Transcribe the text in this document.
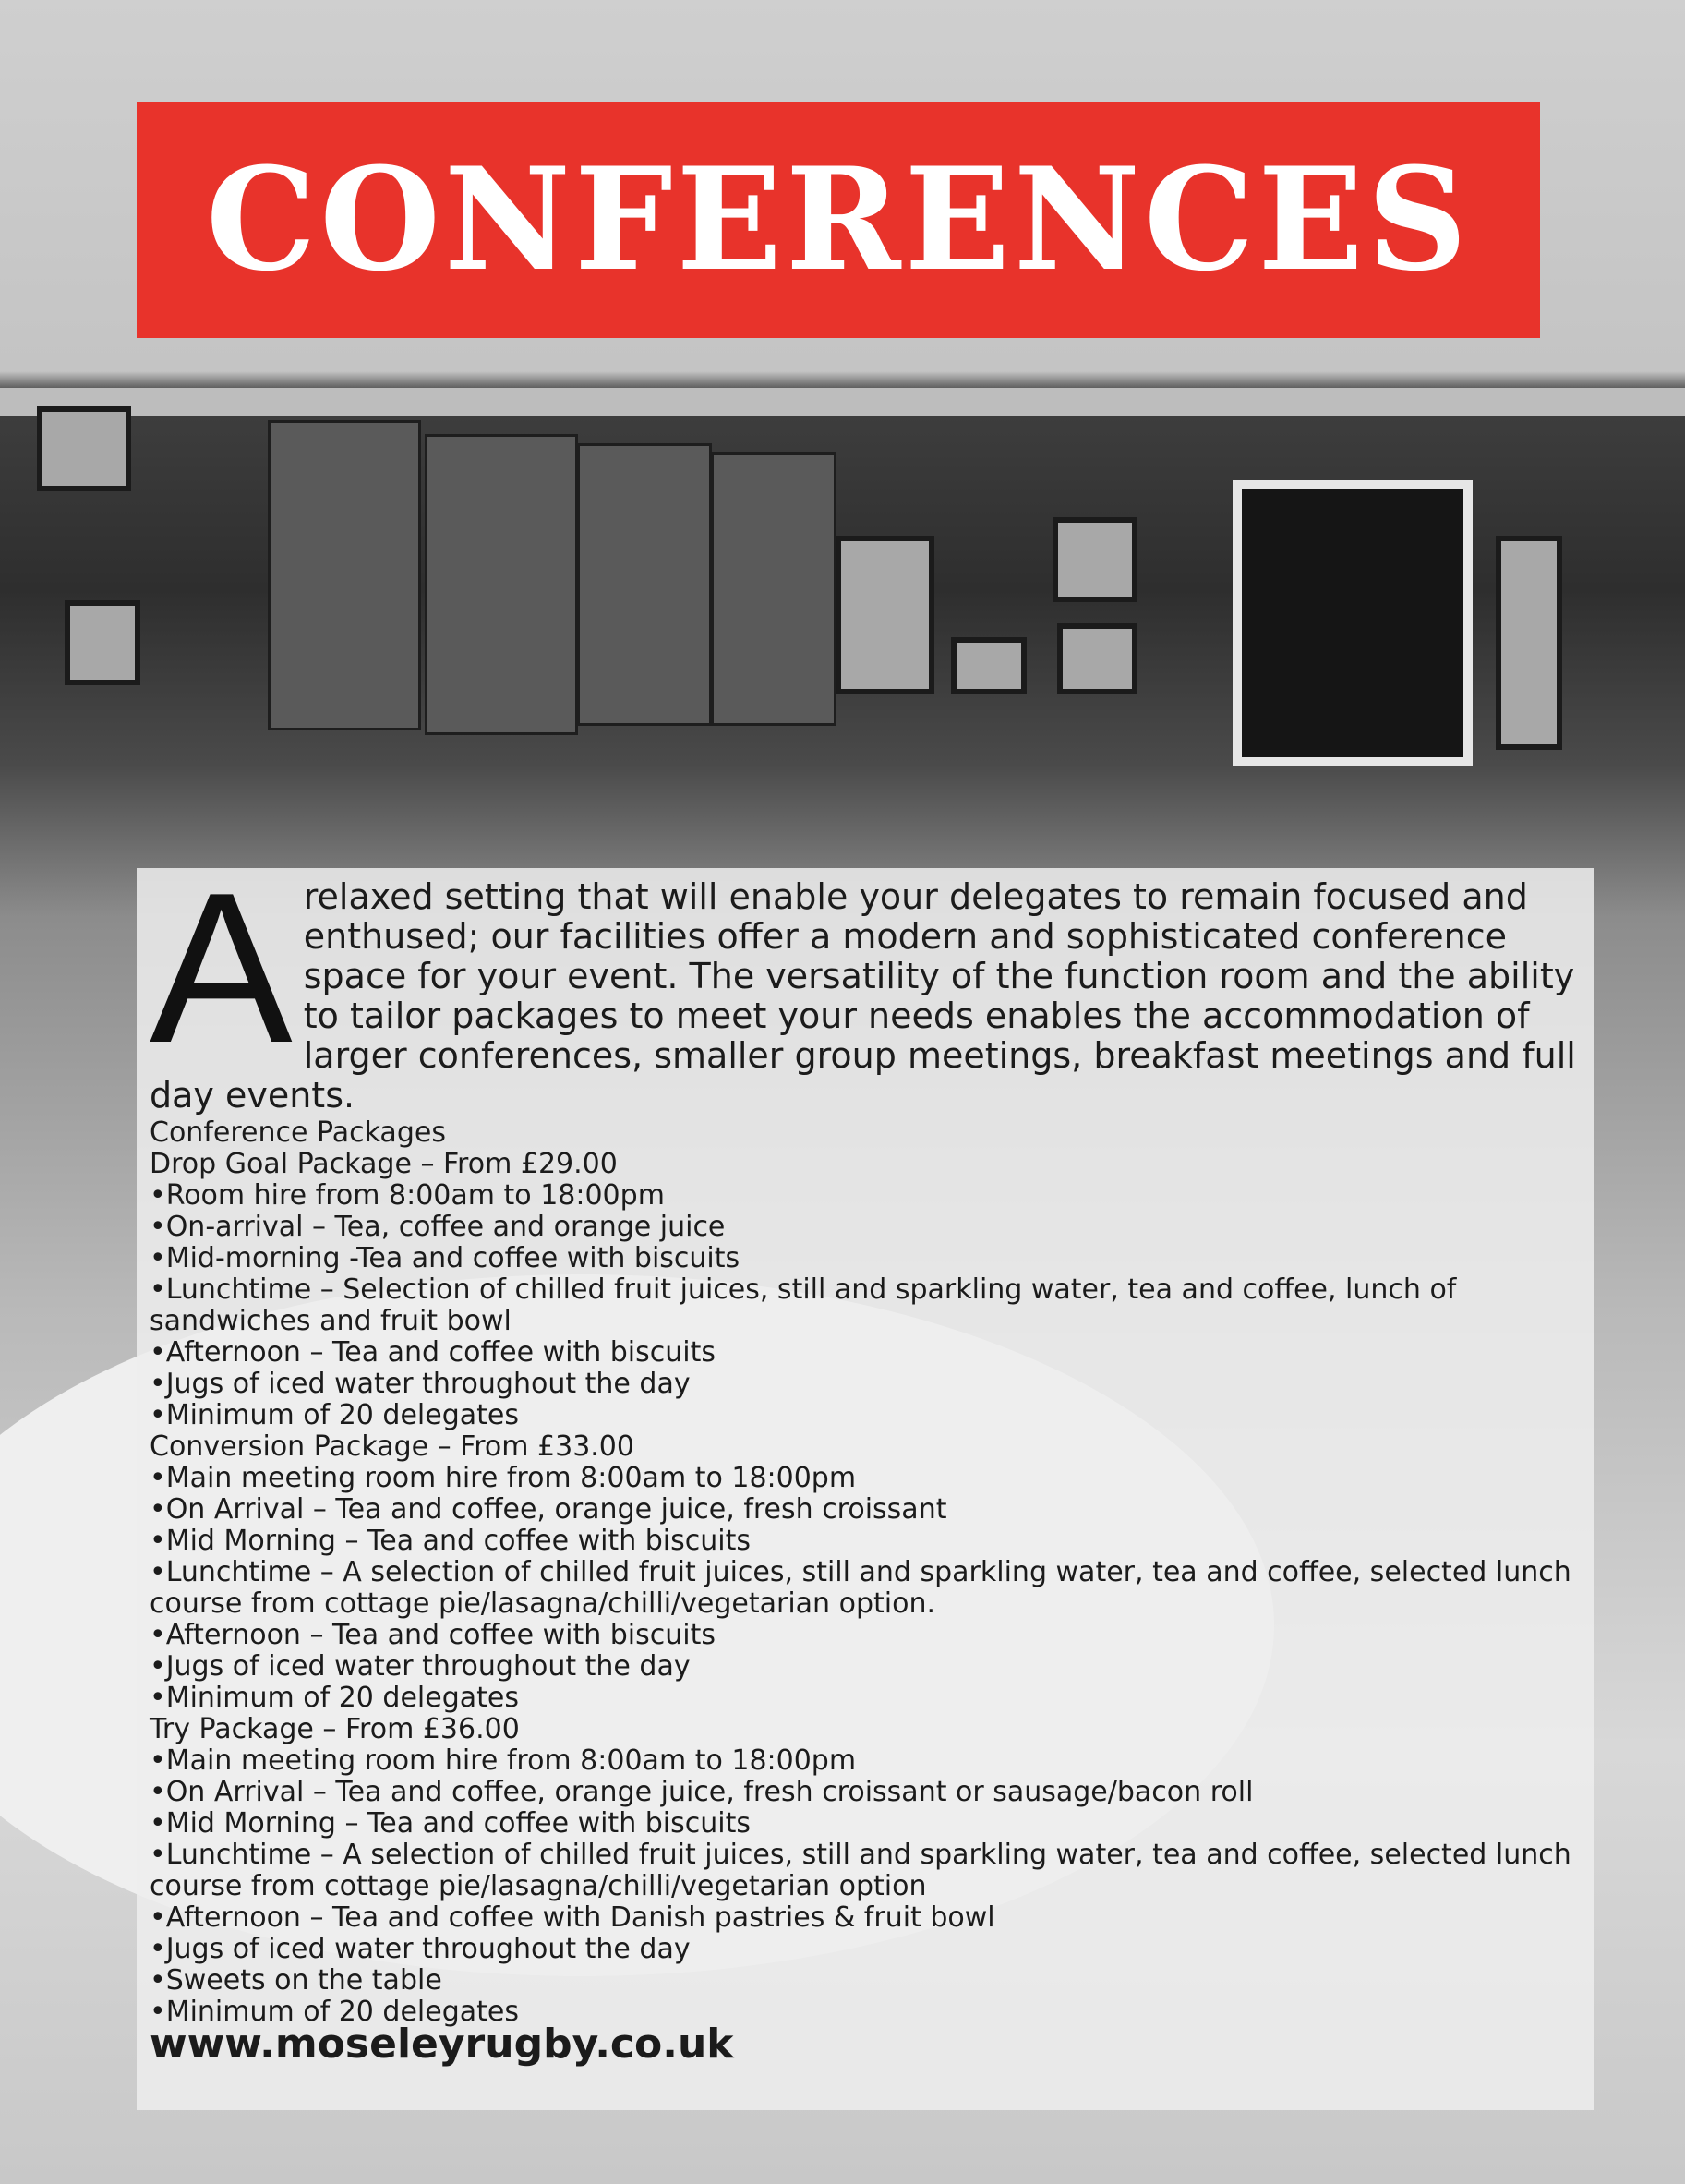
CONFERENCES
A relaxed setting that will enable your delegates to remain focused and enthused; our facilities offer a modern and sophisticated conference space for your event. The versatility of the function room and the ability to tailor packages to meet your needs enables the accommodation of larger conferences, smaller group meetings, breakfast meetings and full day events.
Conference Packages
Drop Goal Package – From £29.00
•Room hire from 8:00am to 18:00pm
•On-arrival – Tea, coffee and orange juice
•Mid-morning -Tea and coffee with biscuits
•Lunchtime – Selection of chilled fruit juices, still and sparkling water, tea and coffee, lunch of sandwiches and fruit bowl
•Afternoon – Tea and coffee with biscuits
•Jugs of iced water throughout the day
•Minimum of 20 delegates
Conversion Package – From £33.00
•Main meeting room hire from 8:00am to 18:00pm
•On Arrival – Tea and coffee, orange juice, fresh croissant
•Mid Morning – Tea and coffee with biscuits
•Lunchtime – A selection of chilled fruit juices, still and sparkling water, tea and coffee, selected lunch course from cottage pie/lasagna/chilli/vegetarian option.
•Afternoon – Tea and coffee with biscuits
•Jugs of iced water throughout the day
•Minimum of 20 delegates
Try Package – From £36.00
•Main meeting room hire from 8:00am to 18:00pm
•On Arrival – Tea and coffee, orange juice, fresh croissant or sausage/bacon roll
•Mid Morning – Tea and coffee with biscuits
•Lunchtime – A selection of chilled fruit juices, still and sparkling water, tea and coffee, selected lunch course from cottage pie/lasagna/chilli/vegetarian option
•Afternoon – Tea and coffee with Danish pastries & fruit bowl
•Jugs of iced water throughout the day
•Sweets on the table
•Minimum of 20 delegates
www.moseleyrugby.co.uk
